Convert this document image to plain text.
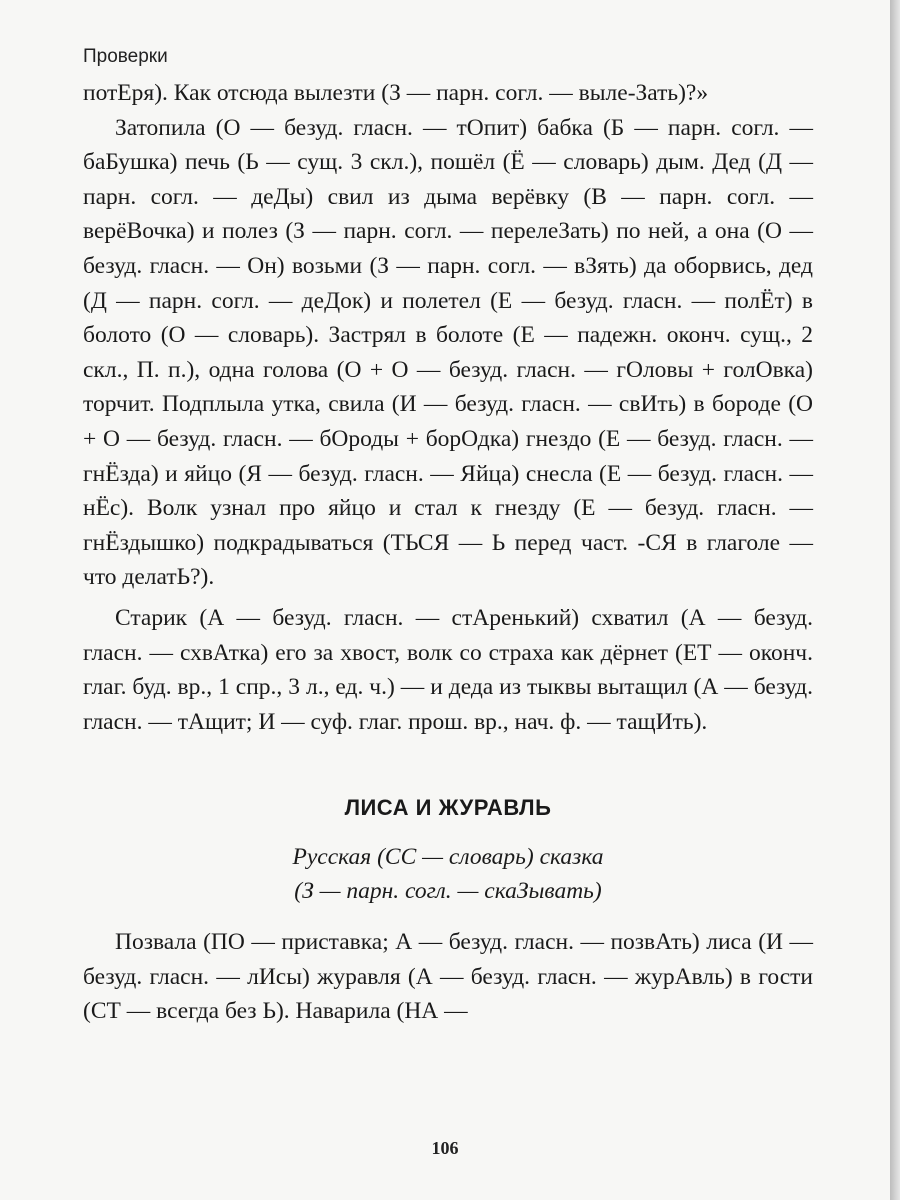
Проверки

потЕря). Как отсюда вылезти (З — парн. согл. — выле-Зать)?»

Затопила (О — безуд. гласн. — тОпит) бабка (Б — парн. согл. — баБушка) печь (Ь — сущ. 3 скл.), пошёл (Ё — словарь) дым. Дед (Д — парн. согл. — деДы) свил из дыма верёвку (В — парн. согл. — верёВочка) и полез (З — парн. согл. — перелеЗать) по ней, а она (О — безуд. гласн. — Он) возьми (З — парн. согл. — вЗять) да оборвись, дед (Д — парн. согл. — деДок) и полетел (Е — безуд. гласн. — полЁт) в болото (О — словарь). Застрял в болоте (Е — падежн. оконч. сущ., 2 скл., П. п.), одна голова (О + О — безуд. гласн. — гОловы + голОвка) торчит. Подплыла утка, свила (И — безуд. гласн. — свИть) в бороде (О + О — безуд. гласн. — бОроды + борОдка) гнездо (Е — безуд. гласн. — гнЁзда) и яйцо (Я — безуд. гласн. — Яйца) снесла (Е — безуд. гласн. — нЁс). Волк узнал про яйцо и стал к гнезду (Е — безуд. гласн. — гнЁздышко) подкрадываться (ТЬСЯ — Ь перед част. -СЯ в глаголе — что делатЬ?).

Старик (А — безуд. гласн. — стАренький) схватил (А — безуд. гласн. — схвАтка) его за хвост, волк со страха как дёрнет (ЕТ — оконч. глаг. буд. вр., 1 спр., 3 л., ед. ч.) — и деда из тыквы вытащил (А — безуд. гласн. — тАщит; И — суф. глаг. прош. вр., нач. ф. — тащИть).

ЛИСА И ЖУРАВЛЬ
Русская (СС — словарь) сказка
(З — парн. согл. — скаЗывать)

Позвала (ПО — приставка; А — безуд. гласн. — позвАть) лиса (И — безуд. гласн. — лИсы) журавля (А — безуд. гласн. — журАвль) в гости (СТ — всегда без Ь). Наварила (НА —

106
